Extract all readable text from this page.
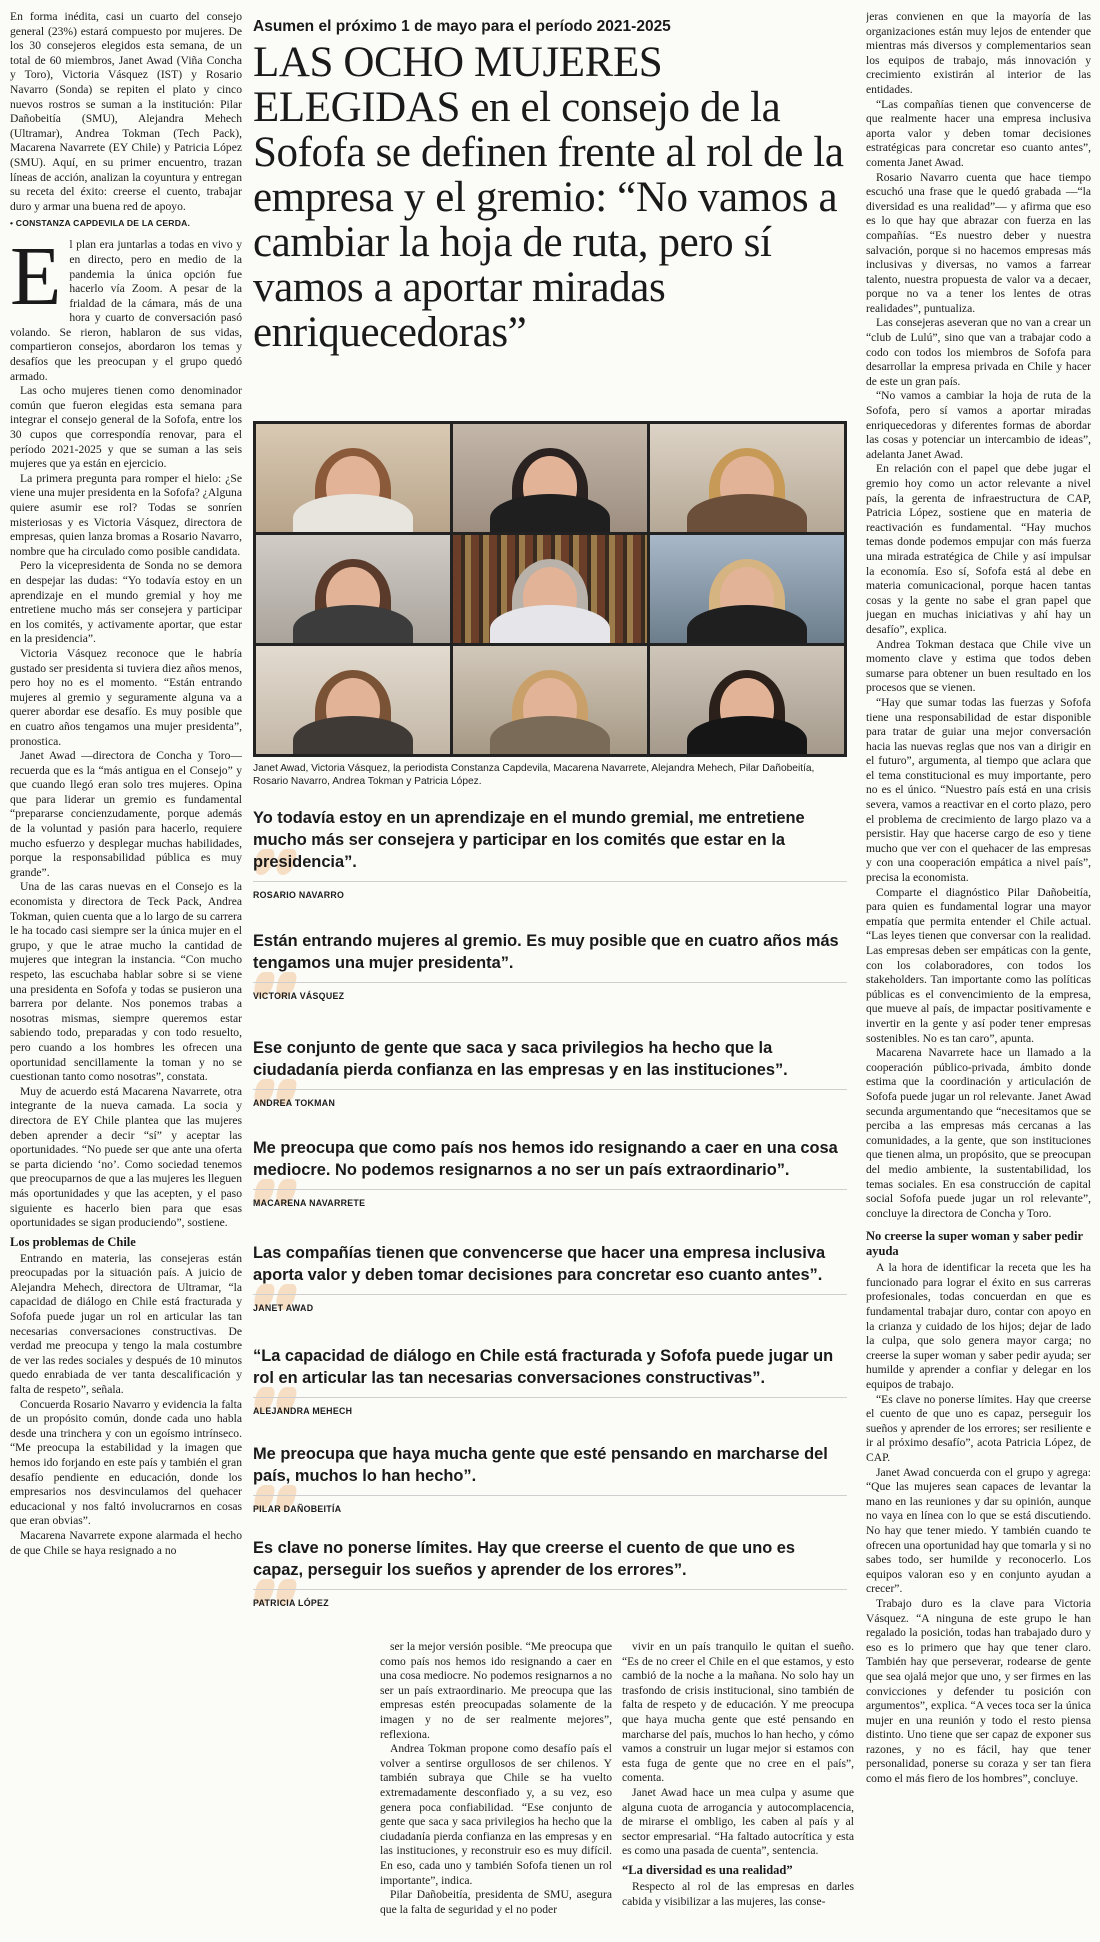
En forma inédita, casi un cuarto del consejo general (23%) estará compuesto por mujeres. De los 30 consejeros elegidos esta semana, de un total de 60 miembros, Janet Awad (Viña Concha y Toro), Victoria Vásquez (IST) y Rosario Navarro (Sonda) se repiten el plato y cinco nuevos rostros se suman a la institución: Pilar Dañobeitía (SMU), Alejandra Mehech (Ultramar), Andrea Tokman (Tech Pack), Macarena Navarrete (EY Chile) y Patricia López (SMU). Aquí, en su primer encuentro, trazan líneas de acción, analizan la coyuntura y entregan su receta del éxito: creerse el cuento, trabajar duro y armar una buena red de apoyo.

• CONSTANZA CAPDEVILA DE LA CERDA.

El plan era juntarlas a todas en vivo y en directo, pero en medio de la pandemia la única opción fue hacerlo vía Zoom. A pesar de la frialdad de la cámara, más de una hora y cuarto de conversación pasó volando. Se rieron, hablaron de sus vidas, compartieron consejos, abordaron los temas y desafíos que les preocupan y el grupo quedó armado.

Las ocho mujeres tienen como denominador común que fueron elegidas esta semana para integrar el consejo general de la Sofofa, entre los 30 cupos que correspondía renovar, para el período 2021-2025 y que se suman a las seis mujeres que ya están en ejercicio.

La primera pregunta para romper el hielo: ¿Se viene una mujer presidenta en la Sofofa? ¿Alguna quiere asumir ese rol? Todas se sonríen misteriosas y es Victoria Vásquez, directora de empresas, quien lanza bromas a Rosario Navarro, nombre que ha circulado como posible candidata.

Pero la vicepresidenta de Sonda no se demora en despejar las dudas: “Yo todavía estoy en un aprendizaje en el mundo gremial y hoy me entretiene mucho más ser consejera y participar en los comités, y activamente aportar, que estar en la presidencia”.

Victoria Vásquez reconoce que le habría gustado ser presidenta si tuviera diez años menos, pero hoy no es el momento. “Están entrando mujeres al gremio y seguramente alguna va a querer abordar ese desafío. Es muy posible que en cuatro años tengamos una mujer presidenta”, pronostica.

Janet Awad —directora de Concha y Toro— recuerda que es la “más antigua en el Consejo” y que cuando llegó eran solo tres mujeres. Opina que para liderar un gremio es fundamental “prepararse concienzudamente, porque además de la voluntad y pasión para hacerlo, requiere mucho esfuerzo y desplegar muchas habilidades, porque la responsabilidad pública es muy grande”.

Una de las caras nuevas en el Consejo es la economista y directora de Teck Pack, Andrea Tokman, quien cuenta que a lo largo de su carrera le ha tocado casi siempre ser la única mujer en el grupo, y que le atrae mucho la cantidad de mujeres que integran la instancia. “Con mucho respeto, las escuchaba hablar sobre si se viene una presidenta en Sofofa y todas se pusieron una barrera por delante. Nos ponemos trabas a nosotras mismas, siempre queremos estar sabiendo todo, preparadas y con todo resuelto, pero cuando a los hombres les ofrecen una oportunidad sencillamente la toman y no se cuestionan tanto como nosotras”, constata.

Muy de acuerdo está Macarena Navarrete, otra integrante de la nueva camada. La socia y directora de EY Chile plantea que las mujeres deben aprender a decir “sí” y aceptar las oportunidades. “No puede ser que ante una oferta se parta diciendo ‘no’. Como sociedad tenemos que preocuparnos de que a las mujeres les lleguen más oportunidades y que las acepten, y el paso siguiente es hacerlo bien para que esas oportunidades se sigan produciendo”, sostiene.

Los problemas de Chile

Entrando en materia, las consejeras están preocupadas por la situación país. A juicio de Alejandra Mehech, directora de Ultramar, “la capacidad de diálogo en Chile está fracturada y Sofofa puede jugar un rol en articular las tan necesarias conversaciones constructivas. De verdad me preocupa y tengo la mala costumbre de ver las redes sociales y después de 10 minutos quedo enrabiada de ver tanta descalificación y falta de respeto”, señala.

Concuerda Rosario Navarro y evidencia la falta de un propósito común, donde cada uno habla desde una trinchera y con un egoísmo intrínseco. “Me preocupa la estabilidad y la imagen que hemos ido forjando en este país y también el gran desafío pendiente en educación, donde los empresarios nos desvinculamos del quehacer educacional y nos faltó involucrarnos en cosas que eran obvias”.

Macarena Navarrete expone alarmada el hecho de que Chile se haya resignado a no

Asumen el próximo 1 de mayo para el período 2021-2025
LAS OCHO MUJERES ELEGIDAS en el consejo de la Sofofa se definen frente al rol de la empresa y el gremio: “No vamos a cambiar la hoja de ruta, pero sí vamos a aportar miradas enriquecedoras”
Janet Awad, Victoria Vásquez, la periodista Constanza Capdevila, Macarena Navarrete, Alejandra Mehech, Pilar Dañobeitía, Rosario Navarro, Andrea Tokman y Patricia López.
Yo todavía estoy en un aprendizaje en el mundo gremial, me entretiene mucho más ser consejera y participar en los comités que estar en la presidencia”.
ROSARIO NAVARRO
Están entrando mujeres al gremio. Es muy posible que en cuatro años más tengamos una mujer presidenta”.
VICTORIA VÁSQUEZ
Ese conjunto de gente que saca y saca privilegios ha hecho que la ciudadanía pierda confianza en las empresas y en las instituciones”.
ANDREA TOKMAN
Me preocupa que como país nos hemos ido resignando a caer en una cosa mediocre. No podemos resignarnos a no ser un país extraordinario”.
MACARENA NAVARRETE
Las compañías tienen que convencerse que hacer una empresa inclusiva aporta valor y deben tomar decisiones para concretar eso cuanto antes”.
JANET AWAD
“La capacidad de diálogo en Chile está fracturada y Sofofa puede jugar un rol en articular las tan necesarias conversaciones constructivas”.
ALEJANDRA MEHECH
Me preocupa que haya mucha gente que esté pensando en marcharse del país, muchos lo han hecho”.
PILAR DAÑOBEITÍA
Es clave no ponerse límites. Hay que creerse el cuento de que uno es capaz, perseguir los sueños y aprender de los errores”.
PATRICIA LÓPEZ

ser la mejor versión posible. “Me preocupa que como país nos hemos ido resignando a caer en una cosa mediocre. No podemos resignarnos a no ser un país extraordinario. Me preocupa que las empresas estén preocupadas solamente de la imagen y no de ser realmente mejores”, reflexiona.

Andrea Tokman propone como desafío país el volver a sentirse orgullosos de ser chilenos. Y también subraya que Chile se ha vuelto extremadamente desconfiado y, a su vez, eso genera poca confiabilidad. “Ese conjunto de gente que saca y saca privilegios ha hecho que la ciudadanía pierda confianza en las empresas y en las instituciones, y reconstruir eso es muy difícil. En eso, cada uno y también Sofofa tienen un rol importante”, indica.

Pilar Dañobeitía, presidenta de SMU, asegura que la falta de seguridad y el no poder

vivir en un país tranquilo le quitan el sueño. “Es de no creer el Chile en el que estamos, y esto cambió de la noche a la mañana. No solo hay un trasfondo de crisis institucional, sino también de falta de respeto y de educación. Y me preocupa que haya mucha gente que esté pensando en marcharse del país, muchos lo han hecho, y cómo vamos a construir un lugar mejor si estamos con esta fuga de gente que no cree en el país”, comenta.

Janet Awad hace un mea culpa y asume que alguna cuota de arrogancia y autocomplacencia, de mirarse el ombligo, les caben al país y al sector empresarial. “Ha faltado autocrítica y esta es como una pasada de cuenta”, sentencia.

“La diversidad es una realidad”

Respecto al rol de las empresas en darles cabida y visibilizar a las mujeres, las conse-

jeras convienen en que la mayoría de las organizaciones están muy lejos de entender que mientras más diversos y complementarios sean los equipos de trabajo, más innovación y crecimiento existirán al interior de las entidades.

“Las compañías tienen que convencerse de que realmente hacer una empresa inclusiva aporta valor y deben tomar decisiones estratégicas para concretar eso cuanto antes”, comenta Janet Awad.

Rosario Navarro cuenta que hace tiempo escuchó una frase que le quedó grabada —“la diversidad es una realidad”— y afirma que eso es lo que hay que abrazar con fuerza en las compañías. “Es nuestro deber y nuestra salvación, porque si no hacemos empresas más inclusivas y diversas, no vamos a farrear talento, nuestra propuesta de valor va a decaer, porque no va a tener los lentes de otras realidades”, puntualiza.

Las consejeras aseveran que no van a crear un “club de Lulú”, sino que van a trabajar codo a codo con todos los miembros de Sofofa para desarrollar la empresa privada en Chile y hacer de este un gran país.

“No vamos a cambiar la hoja de ruta de la Sofofa, pero sí vamos a aportar miradas enriquecedoras y diferentes formas de abordar las cosas y potenciar un intercambio de ideas”, adelanta Janet Awad.

En relación con el papel que debe jugar el gremio hoy como un actor relevante a nivel país, la gerenta de infraestructura de CAP, Patricia López, sostiene que en materia de reactivación es fundamental. “Hay muchos temas donde podemos empujar con más fuerza una mirada estratégica de Chile y así impulsar la economía. Eso sí, Sofofa está al debe en materia comunicacional, porque hacen tantas cosas y la gente no sabe el gran papel que juegan en muchas iniciativas y ahí hay un desafío”, explica.

Andrea Tokman destaca que Chile vive un momento clave y estima que todos deben sumarse para obtener un buen resultado en los procesos que se vienen.

“Hay que sumar todas las fuerzas y Sofofa tiene una responsabilidad de estar disponible para tratar de guiar una mejor conversación hacia las nuevas reglas que nos van a dirigir en el futuro”, argumenta, al tiempo que aclara que el tema constitucional es muy importante, pero no es el único. “Nuestro país está en una crisis severa, vamos a reactivar en el corto plazo, pero el problema de crecimiento de largo plazo va a persistir. Hay que hacerse cargo de eso y tiene mucho que ver con el quehacer de las empresas y con una cooperación empática a nivel país”, precisa la economista.

Comparte el diagnóstico Pilar Dañobeitía, para quien es fundamental lograr una mayor empatía que permita entender el Chile actual. “Las leyes tienen que conversar con la realidad. Las empresas deben ser empáticas con la gente, con los colaboradores, con todos los stakeholders. Tan importante como las políticas públicas es el convencimiento de la empresa, que mueve al país, de impactar positivamente e invertir en la gente y así poder tener empresas sostenibles. No es tan caro”, apunta.

Macarena Navarrete hace un llamado a la cooperación público-privada, ámbito donde estima que la coordinación y articulación de Sofofa puede jugar un rol relevante. Janet Awad secunda argumentando que “necesitamos que se perciba a las empresas más cercanas a las comunidades, a la gente, que son instituciones que tienen alma, un propósito, que se preocupan del medio ambiente, la sustentabilidad, los temas sociales. En esa construcción de capital social Sofofa puede jugar un rol relevante”, concluye la directora de Concha y Toro.

No creerse la super woman y saber pedir ayuda

A la hora de identificar la receta que les ha funcionado para lograr el éxito en sus carreras profesionales, todas concuerdan en que es fundamental trabajar duro, contar con apoyo en la crianza y cuidado de los hijos; dejar de lado la culpa, que solo genera mayor carga; no creerse la super woman y saber pedir ayuda; ser humilde y aprender a confiar y delegar en los equipos de trabajo.

“Es clave no ponerse límites. Hay que creerse el cuento de que uno es capaz, perseguir los sueños y aprender de los errores; ser resiliente e ir al próximo desafío”, acota Patricia López, de CAP.

Janet Awad concuerda con el grupo y agrega: “Que las mujeres sean capaces de levantar la mano en las reuniones y dar su opinión, aunque no vaya en línea con lo que se está discutiendo. No hay que tener miedo. Y también cuando te ofrecen una oportunidad hay que tomarla y si no sabes todo, ser humilde y reconocerlo. Los equipos valoran eso y en conjunto ayudan a crecer”.

Trabajo duro es la clave para Victoria Vásquez. “A ninguna de este grupo le han regalado la posición, todas han trabajado duro y eso es lo primero que hay que tener claro. También hay que perseverar, rodearse de gente que sea ojalá mejor que uno, y ser firmes en las convicciones y defender tu posición con argumentos”, explica. “A veces toca ser la única mujer en una reunión y todo el resto piensa distinto. Uno tiene que ser capaz de exponer sus razones, y no es fácil, hay que tener personalidad, ponerse su coraza y ser tan fiera como el más fiero de los hombres”, concluye.
